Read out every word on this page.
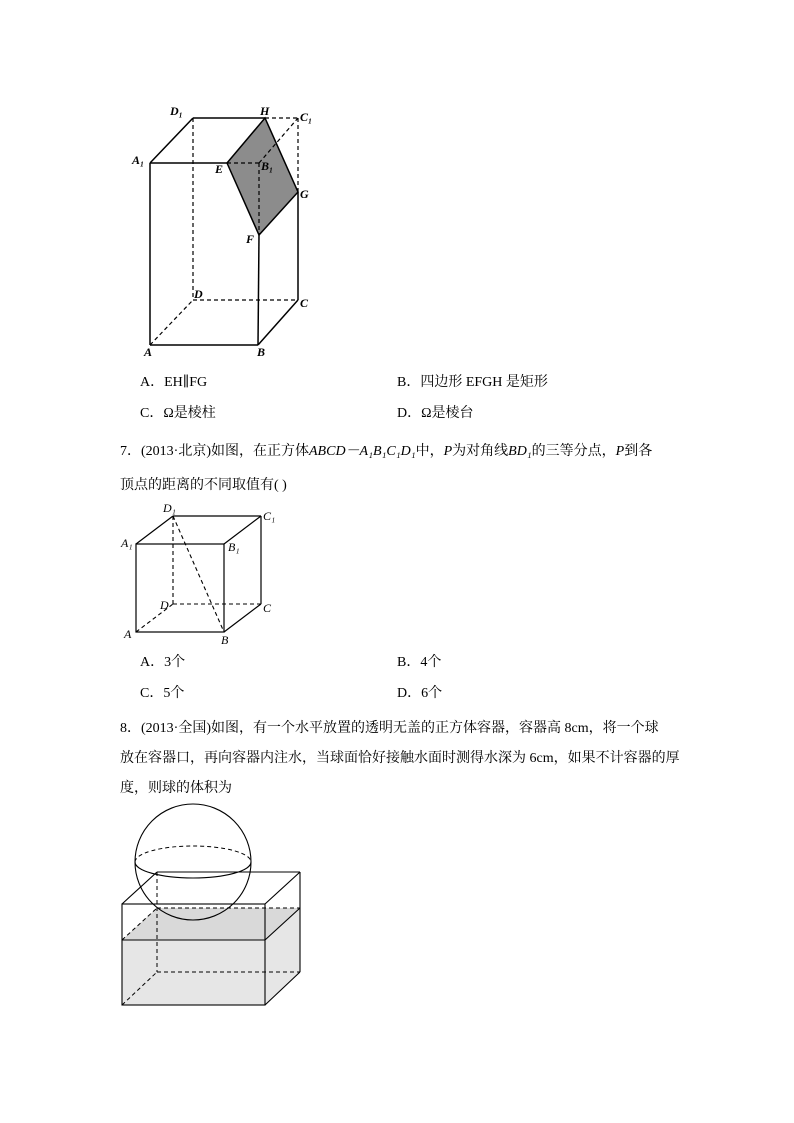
D₁	H	C₁
A₁
E	B₁
G
F
D
C
A	B
A．EH∥FG	B．四边形 EFGH 是矩形
C．Ω是棱柱	D．Ω是棱台
7．(2013·北京)如图，在正方体ABCD－A₁B₁C₁D₁中，P为对角线BD₁的三等分点，P到各
顶点的距离的不同取值有( )
D₁
C₁
A₁	B₁
D	C
A	B
A．3个	B．4个
C．5个	D．6个
8．(2013·全国)如图，有一个水平放置的透明无盖的正方体容器，容器高 8cm，将一个球
放在容器口，再向容器内注水，当球面恰好接触水面时测得水深为 6cm，如果不计容器的厚
度，则球的体积为
